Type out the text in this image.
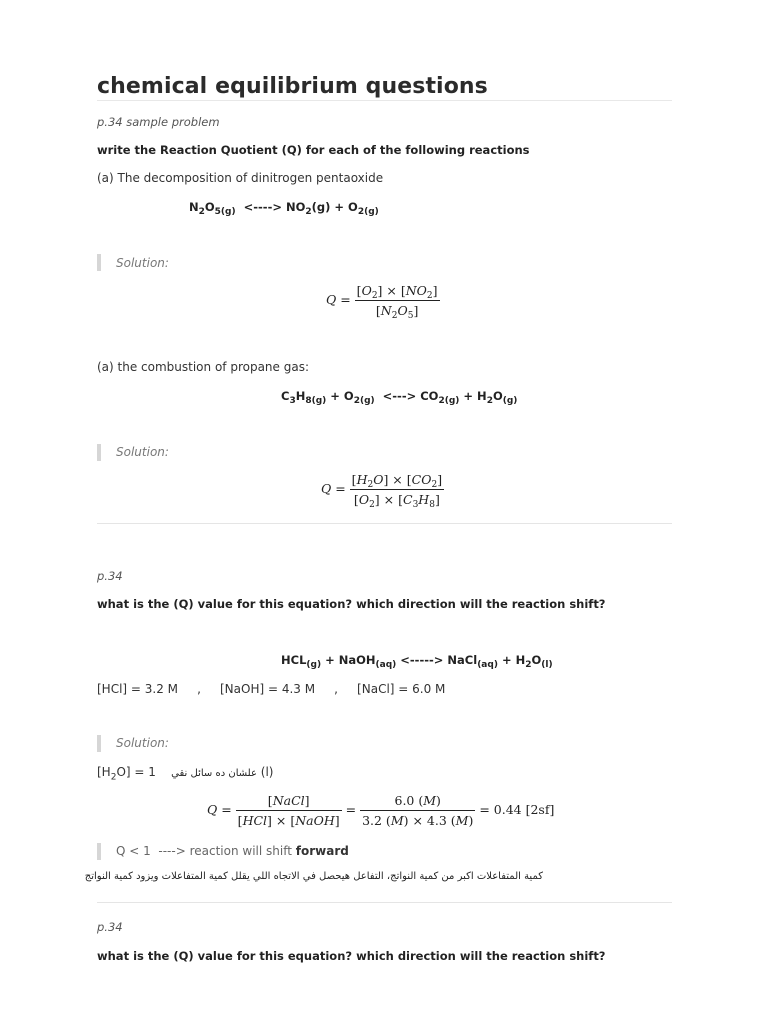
chemical equilibrium questions
p.34 sample problem
write the Reaction Quotient (Q) for each of the following reactions
(a) The decomposition of dinitrogen pentaoxide
$N_2O_{5(g)}$  <----> $NO_2(g) + O_{2(g)}$
Solution:
$Q = \frac{[O_2] \times [NO_2]}{[N_2O_5]}$
(a) the combustion of propane gas:
$C_3H_{8(g)} + O_{2(g)}$  <---> $CO_{2(g)} + H_2O_{(g)}$
Solution:
$Q = \frac{[H_2O] \times [CO_2]}{[O_2] \times [C_3H_8]}$
p.34
what is the (Q) value for this equation? which direction will the reaction shift?
$HCL_{(g)}$ + NaOH$_{(aq)}$ <-----> NaCl$_{(aq)}$ + $H_2O_{(l)}$
[HCl] = 3.2 M     ,     [NaOH] = 4.3 M     ,     [NaCl] = 6.0 M
Solution:
$[H_2O] = 1$    علشان ده سائل نقي (l)
$Q = \frac{\text{[NaCl]}}{\text{[HCl] × [NaOH]}} = \frac{6.0 (M)}{3.2 (M) \times 4.3 (M)} = 0.44$ [2sf]
Q < 1  ----> reaction will shift forward
كمية المتفاعلات اكبر من كمية النواتج، التفاعل هيحصل في الاتجاه اللي يقلل كمية المتفاعلات ويزود كمية النواتج
p.34
what is the (Q) value for this equation? which direction will the reaction shift?
